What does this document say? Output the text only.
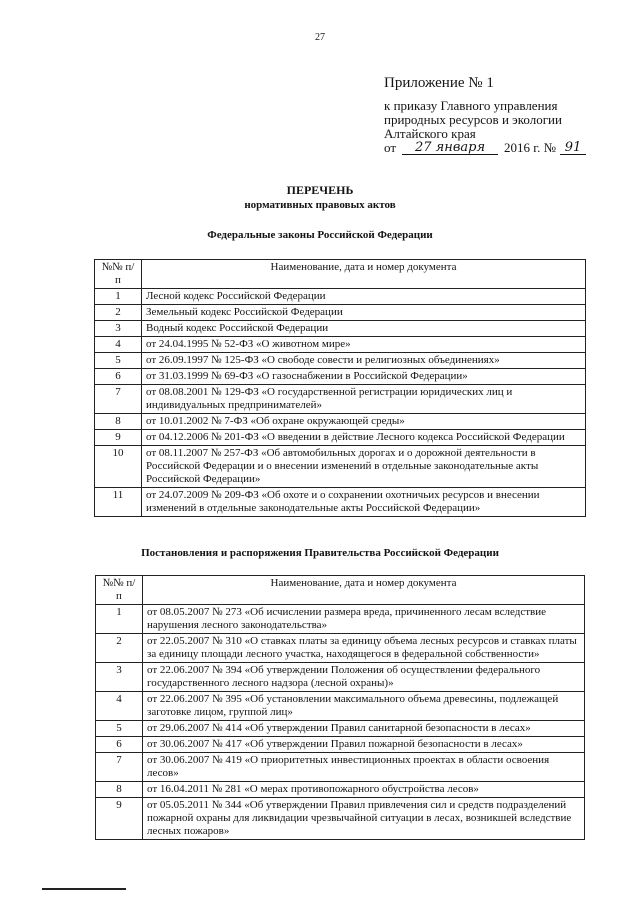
27
Приложение № 1
к приказу Главного управления
природных ресурсов и экологии
Алтайского края
от	27 января	2016 г. № 91
ПЕРЕЧЕНЬ
нормативных правовых актов
Федеральные законы Российской Федерации
№№ п/п	Наименование, дата и номер документа
1	Лесной кодекс Российской Федерации
2	Земельный кодекс Российской Федерации
3	Водный кодекс Российской Федерации
4	от 24.04.1995 № 52-ФЗ «О животном мире»
5	от 26.09.1997 № 125-ФЗ «О свободе совести и религиозных объединениях»
6	от 31.03.1999 № 69-ФЗ «О газоснабжении в Российской Федерации»
7	от 08.08.2001 № 129-ФЗ «О государственной регистрации юридических лиц и индивидуальных предпринимателей»
8	от 10.01.2002 № 7-ФЗ «Об охране окружающей среды»
9	от 04.12.2006 № 201-ФЗ «О введении в действие Лесного кодекса Российской Федерации
10	от 08.11.2007 № 257-ФЗ «Об автомобильных дорогах и о дорожной деятельности в Российской Федерации и о внесении изменений в отдельные законодательные акты Российской Федерации»
11	от 24.07.2009 № 209-ФЗ «Об охоте и о сохранении охотничьих ресурсов и внесении изменений в отдельные законодательные акты Российской Федерации»
Постановления и распоряжения Правительства Российской Федерации
№№ п/п	Наименование, дата и номер документа
1	от 08.05.2007 № 273 «Об исчислении размера вреда, причиненного лесам вследствие нарушения лесного законодательства»
2	от 22.05.2007 № 310 «О ставках платы за единицу объема лесных ресурсов и ставках платы за единицу площади лесного участка, находящегося в федеральной собственности»
3	от 22.06.2007 № 394 «Об утверждении Положения об осуществлении федерального государственного лесного надзора (лесной охраны)»
4	от 22.06.2007 № 395 «Об установлении максимального объема древесины, подлежащей заготовке лицом, группой лиц»
5	от 29.06.2007 № 414 «Об утверждении Правил санитарной безопасности в лесах»
6	от 30.06.2007 № 417 «Об утверждении Правил пожарной безопасности в лесах»
7	от 30.06.2007 № 419 «О приоритетных инвестиционных проектах в области освоения лесов»
8	от 16.04.2011 № 281 «О мерах противопожарного обустройства лесов»
9	от 05.05.2011 № 344 «Об утверждении Правил привлечения сил и средств подразделений пожарной охраны для ликвидации чрезвычайной ситуации в лесах, возникшей вследствие лесных пожаров»
